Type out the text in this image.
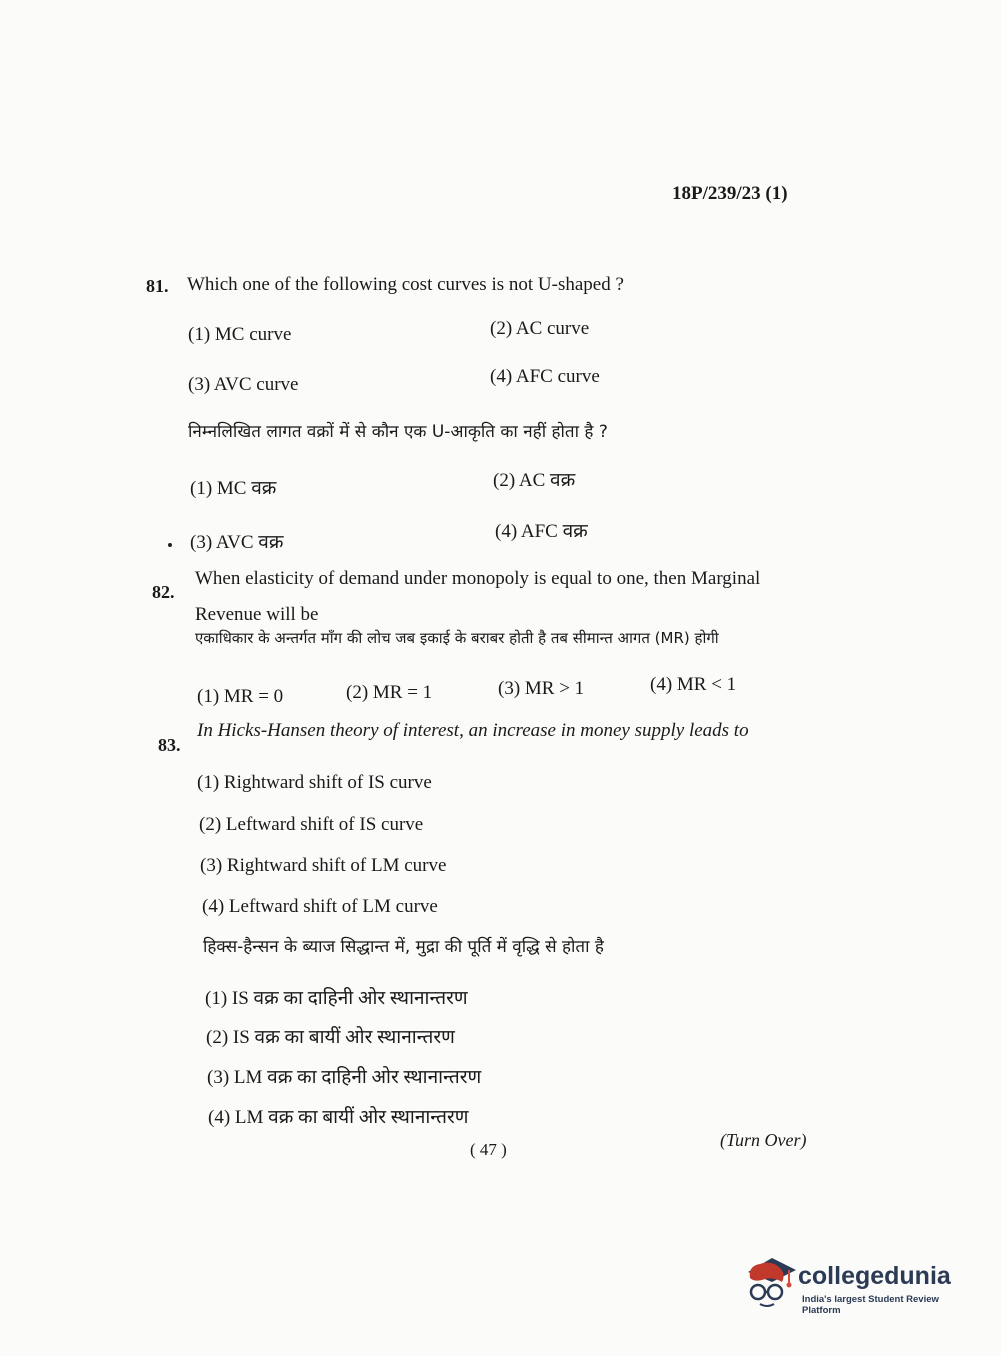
18P/239/23 (1)
81. Which one of the following cost curves is not U-shaped ?
(1) MC curve	(2) AC curve
(3) AVC curve	(4) AFC curve
निम्नलिखित लागत वक्रों में से कौन एक U-आकृति का नहीं होता है ?
(1) MC वक्र	(2) AC वक्र
(3) AVC वक्र
(4) AFC वक्र
82.
When elasticity of demand under monopoly is equal to one, then Marginal
Revenue will be
एकाधिकार के अन्तर्गत माँग की लोच जब इकाई के बराबर होती है तब सीमान्त आगत (MR) होगी
(1) MR = 0	(2) MR = 1	(3) MR > 1	(4) MR < 1
83.
In Hicks-Hansen theory of interest, an increase in money supply leads to
(1) Rightward shift of IS curve
(2) Leftward shift of IS curve
(3) Rightward shift of LM curve
(4) Leftward shift of LM curve
हिक्स-हैन्सन के ब्याज सिद्धान्त में, मुद्रा की पूर्ति में वृद्धि से होता है
(1) IS वक्र का दाहिनी ओर स्थानान्तरण
(2) IS वक्र का बायीं ओर स्थानान्तरण
(3) LM वक्र का दाहिनी ओर स्थानान्तरण
(4) LM वक्र का बायीं ओर स्थानान्तरण
( 47 )	(Turn Over)
collegedunia
India's largest Student Review Platform
